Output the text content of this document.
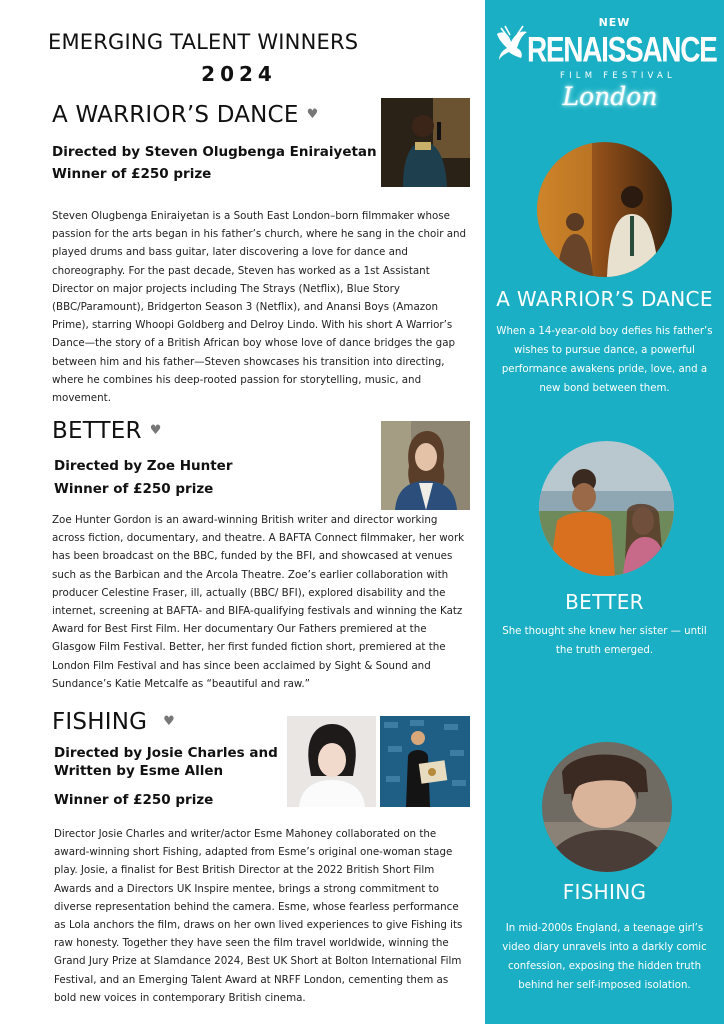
NEW
RENAISSANCE
FILM FESTIVAL
London
EMERGING TALENT WINNERS
2024
A WARRIOR’S DANCE ♥
Directed by Steven Olugbenga Eniraiyetan
Winner of £250 prize
Steven Olugbenga Eniraiyetan is a South East London–born filmmaker whose passion for the arts began in his father’s church, where he sang in the choir and played drums and bass guitar, later discovering a love for dance and choreography. For the past decade, Steven has worked as a 1st Assistant Director on major projects including The Strays (Netflix), Blue Story (BBC/Paramount), Bridgerton Season 3 (Netflix), and Anansi Boys (Amazon Prime), starring Whoopi Goldberg and Delroy Lindo. With his short A Warrior’s Dance—the story of a British African boy whose love of dance bridges the gap between him and his father—Steven showcases his transition into directing, where he combines his deep-rooted passion for storytelling, music, and movement.
A WARRIOR’S DANCE
When a 14-year-old boy defies his father’s wishes to pursue dance, a powerful performance awakens pride, love, and a new bond between them.
BETTER ♥
Directed by Zoe Hunter
Winner of £250 prize
Zoe Hunter Gordon is an award-winning British writer and director working across fiction, documentary, and theatre. A BAFTA Connect filmmaker, her work has been broadcast on the BBC, funded by the BFI, and showcased at venues such as the Barbican and the Arcola Theatre. Zoe’s earlier collaboration with producer Celestine Fraser, ill, actually (BBC/ BFI), explored disability and the internet, screening at BAFTA- and BIFA-qualifying festivals and winning the Katz Award for Best First Film. Her documentary Our Fathers premiered at the Glasgow Film Festival. Better, her first funded fiction short, premiered at the London Film Festival and has since been acclaimed by Sight & Sound and Sundance’s Katie Metcalfe as “beautiful and raw.”
BETTER
She thought she knew her sister — until the truth emerged.
FISHING ♥
Directed by Josie Charles and
Written by Esme Allen
Winner of £250 prize
Director Josie Charles and writer/actor Esme Mahoney collaborated on the award-winning short Fishing, adapted from Esme’s original one-woman stage play. Josie, a finalist for Best British Director at the 2022 British Short Film Awards and a Directors UK Inspire mentee, brings a strong commitment to diverse representation behind the camera. Esme, whose fearless performance as Lola anchors the film, draws on her own lived experiences to give Fishing its raw honesty. Together they have seen the film travel worldwide, winning the Grand Jury Prize at Slamdance 2024, Best UK Short at Bolton International Film Festival, and an Emerging Talent Award at NRFF London, cementing them as bold new voices in contemporary British cinema.
FISHING
In mid-2000s England, a teenage girl’s video diary unravels into a darkly comic confession, exposing the hidden truth behind her self-imposed isolation.
